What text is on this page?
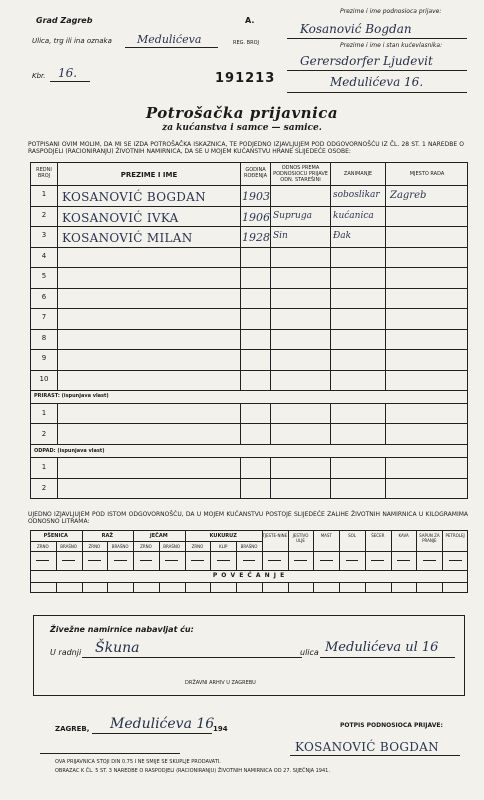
Grad Zagreb	A.
REG. BROJ
Ulica, trg ili ina oznaka Medulićeva
Kbr. 16.	191213
Prezime i ime podnosioca prijave:
Kosanović Bogdan
Prezime i ime i stan kućevlasnika:
Gerersdorfer Ljudevit
Medulićeva 16.
Potrošačka prijavnica
za kućanstva i samce — samice.
POTPISANI OVIM MOLIM, DA MI SE IZDA POTROŠAČKA ISKAZNICA, TE PODJEDNO IZJAVLJUJEM POD ODGOVORNOŠĆU IZ ČL. 28 ST. 1 NAREDBE O RASPODJELI (RACIONIRANJU) ŽIVOTNIH NAMIRNICA, DA SE U MOJEM KUĆANSTVU HRANE SLIJEDEĆE OSOBE:
REDNI BROJ	PREZIME I IME
GODINA ROĐENJA
ODNOS PREMA PODNOSIOCU PRIJAVE ODN. STAREŠINI
ZANIMANJE	MJESTO RADA
1	KOSANOVIĆ BOGDAN	1903	soboslikar	Zagreb
2	KOSANOVIĆ IVKA	1906 Supruga	kućanica
3	KOSANOVIĆ MILAN	1928 Sin	Đak
4
5
6
7
8
9
10
PRIRAST: (ispunjava vlast)
1
2
ODPAD: (ispunjava vlast)
1
2
UJEDNO IZJAVLJUJEM POD ISTOM ODGOVORNOŠĆU, DA U MOJEM KUĆANSTVU POSTOJE SLIJEDEĆE ZALIHE ŽIVOTNIH NAMIRNICA U KILOGRAMIMA ODNOSNO LITRAMA:
PŠENICA	RAŽ	JEČAM	KUKURUZ
ZRNO	BRAŠNO	ZRNO	BRAŠNO	ZRNO	BRAŠNO	ZRNO	KLIP	BRAŠNO
TJESTE-NINE	JESTIVO ULJE
MAST	SOL	ŠEĆER	KAVA	SAPUN ZA PRANJE
PETROLEJ
P O V E Ć A N J E
Živežne namirnice nabavljat ću:
U radnji Škuna	ulica Medulićeva ul 16
DRŽAVNI ARHIV U ZAGREBU
ZAGREB, Medulićeva 16
194	POTPIS PODNOSIOCA PRIJAVE:
KOSANOVIĆ BOGDAN
OVA PRIJAVNICA STOJI DIN 0.75 I NE SMIJE SE SKUPLJE PRODAVATI.
OBRAZAC K ČL. 5 ST. 3 NAREDBE O RASPODJELI (RACIONIRANJU) ŽIVOTNIH NAMIRNICA OD 27. SIJEČNJA 1941.
